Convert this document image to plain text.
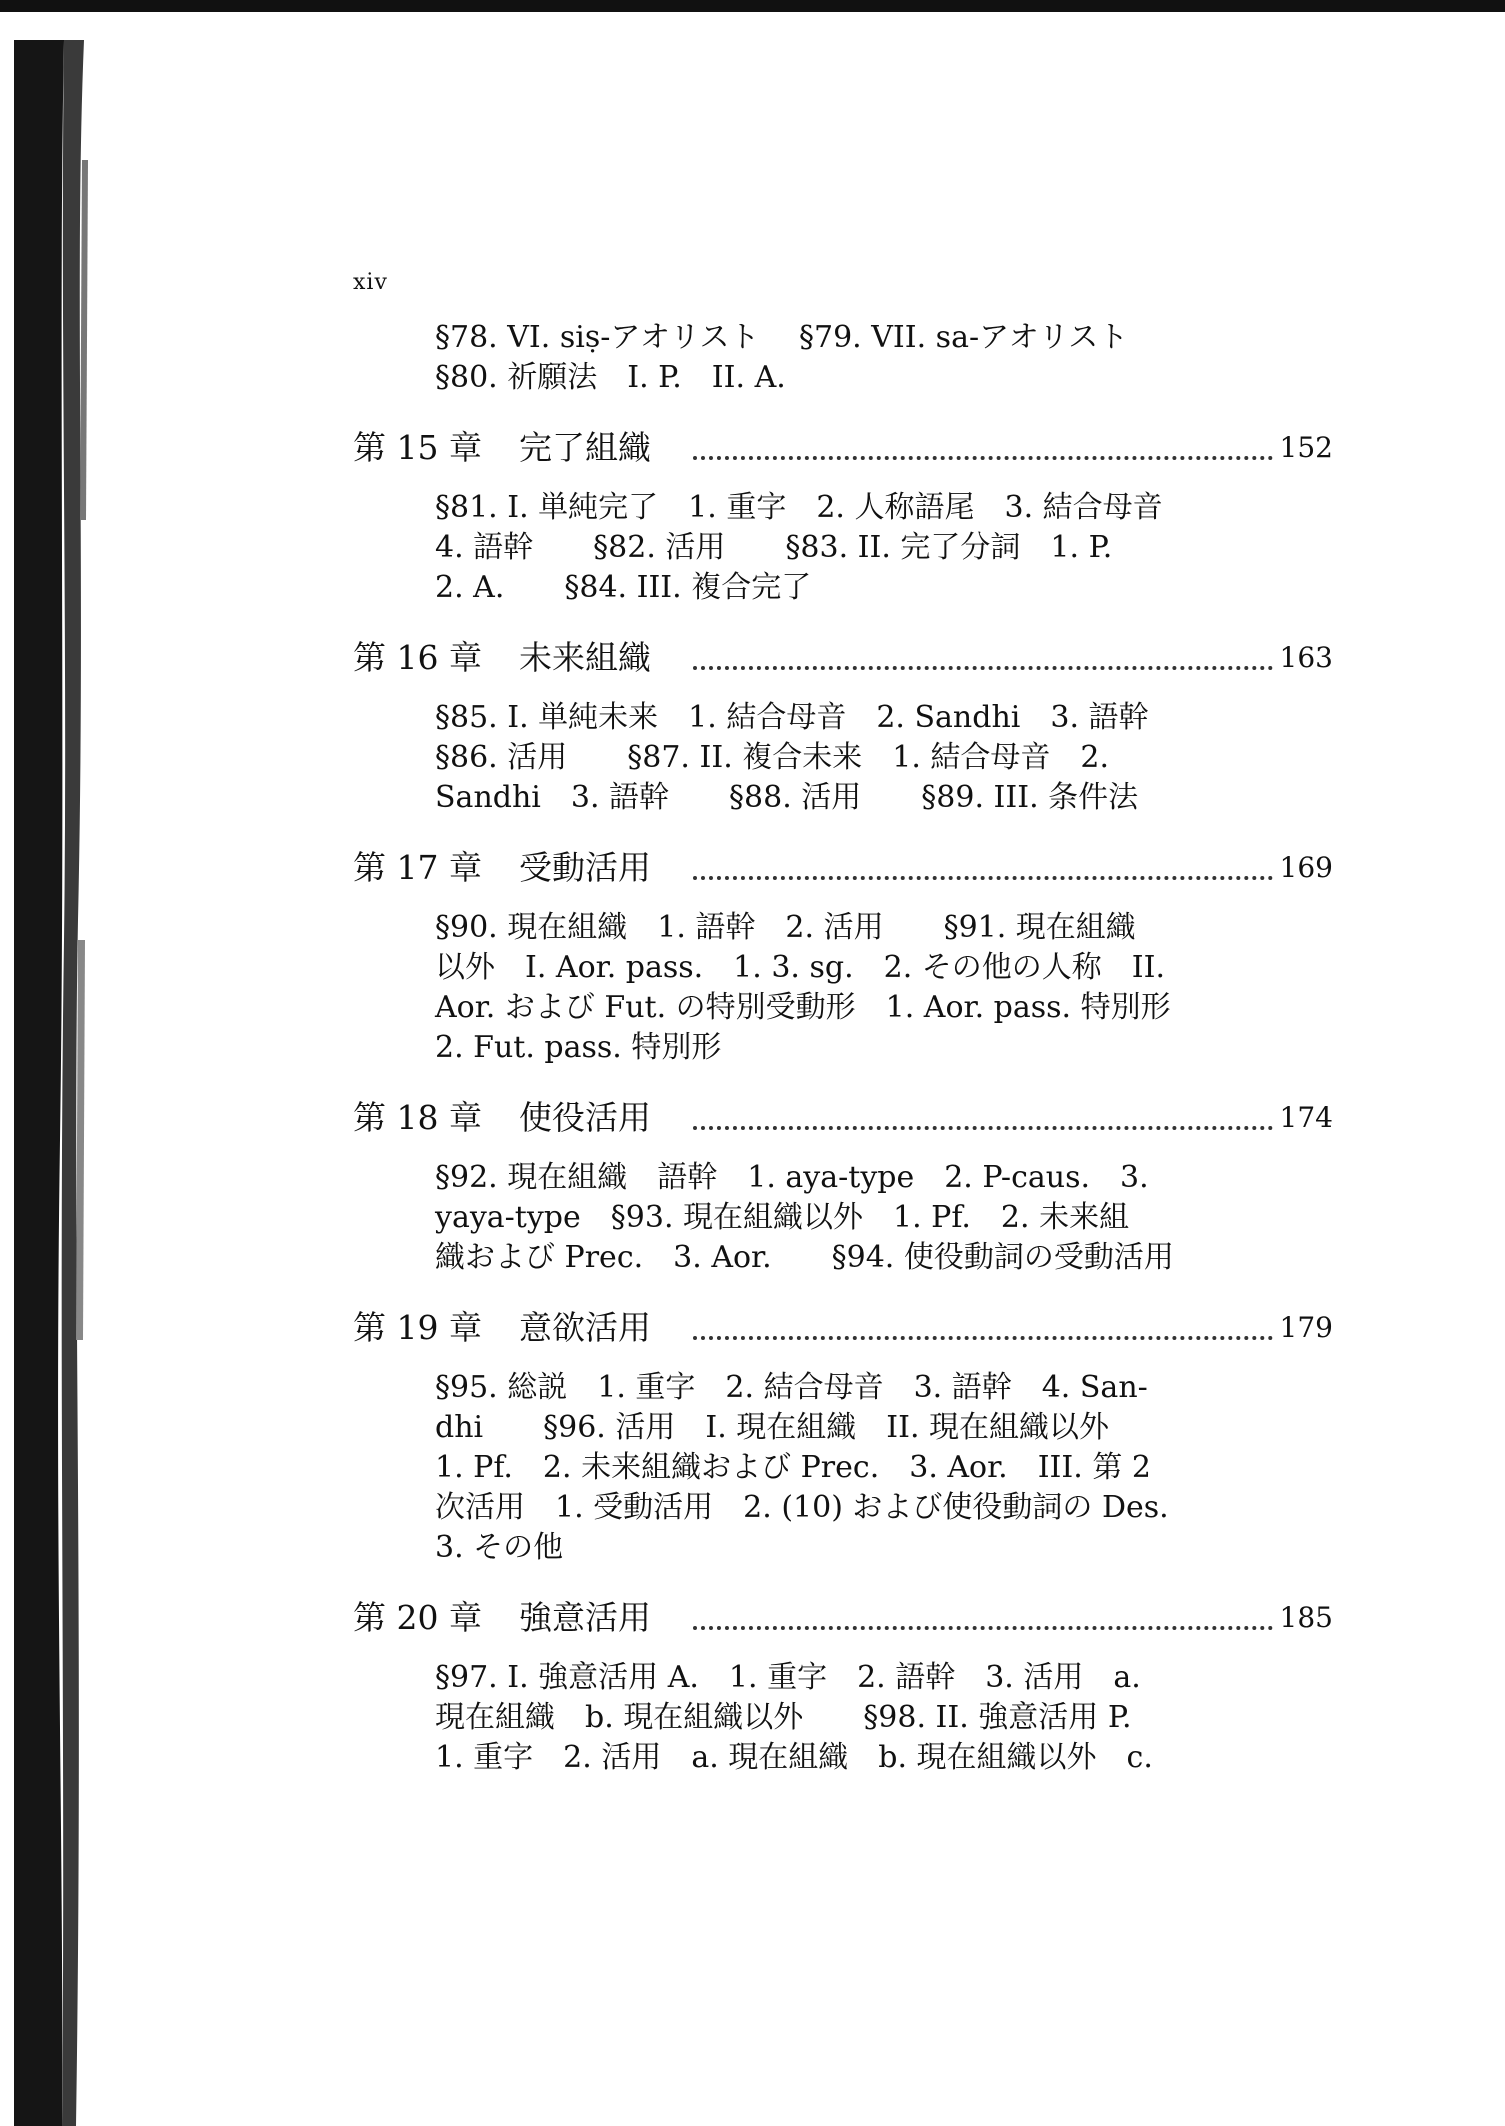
xiv
§78. VI. siṣ-アオリスト　 §79. VII. sa-アオリスト
§80. 祈願法　I. P.　II. A.
第 15 章 完了組織	152
§81. I. 単純完了　1. 重字　2. 人称語尾　3. 結合母音
4. 語幹　　§82. 活用　　§83. II. 完了分詞　1. P.
2. A.　　§84. III. 複合完了
第 16 章 未来組織	163
§85. I. 単純未来　1. 結合母音　2. Sandhi　3. 語幹
§86. 活用　　§87. II. 複合未来　1. 結合母音　2.
Sandhi　3. 語幹　　§88. 活用　　§89. III. 条件法
第 17 章 受動活用	169
§90. 現在組織　1. 語幹　2. 活用　　§91. 現在組織
以外　I. Aor. pass.　1. 3. sg.　2. その他の人称　II.
Aor. および Fut. の特別受動形　1. Aor. pass. 特別形
2. Fut. pass. 特別形
第 18 章 使役活用	174
§92. 現在組織　語幹　1. aya-type　2. P-caus.　3.
yaya-type　§93. 現在組織以外　1. Pf.　2. 未来組
織および Prec.　3. Aor.　　§94. 使役動詞の受動活用
第 19 章 意欲活用	179
§95. 総説　1. 重字　2. 結合母音　3. 語幹　4. San-
dhi　　§96. 活用　I. 現在組織　II. 現在組織以外
1. Pf.　2. 未来組織および Prec.　3. Aor.　III. 第 2
次活用　1. 受動活用　2. (10) および使役動詞の Des.
3. その他
第 20 章 強意活用	185
§97. I. 強意活用 A.　1. 重字　2. 語幹　3. 活用　a.
現在組織　b. 現在組織以外　　§98. II. 強意活用 P.
1. 重字　2. 活用　a. 現在組織　b. 現在組織以外　c.
